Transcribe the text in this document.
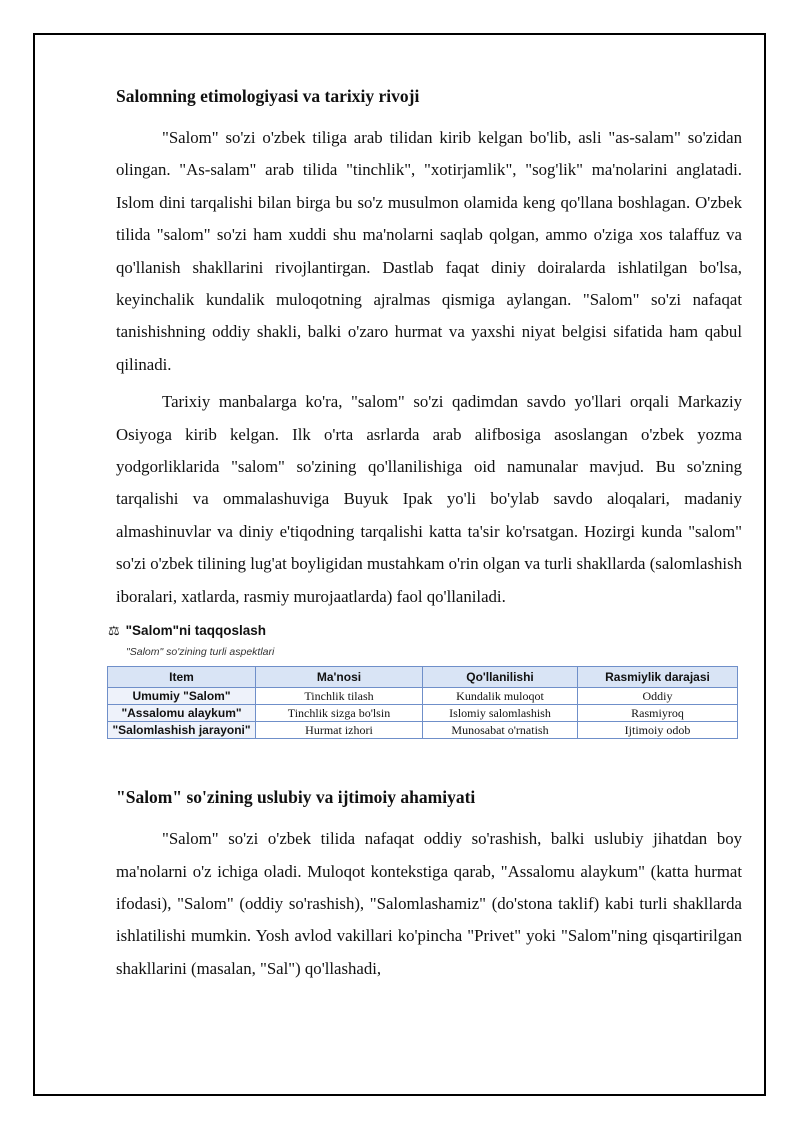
Salomning etimologiyasi va tarixiy rivoji

"Salom" so'zi o'zbek tiliga arab tilidan kirib kelgan bo'lib, asli "as-salam" so'zidan olingan. "As-salam" arab tilida "tinchlik", "xotirjamlik", "sog'lik" ma'nolarini anglatadi. Islom dini tarqalishi bilan birga bu so'z musulmon olamida keng qo'llana boshlagan. O'zbek tilida "salom" so'zi ham xuddi shu ma'nolarni saqlab qolgan, ammo o'ziga xos talaffuz va qo'llanish shakllarini rivojlantirgan. Dastlab faqat diniy doiralarda ishlatilgan bo'lsa, keyinchalik kundalik muloqotning ajralmas qismiga aylangan. "Salom" so'zi nafaqat tanishishning oddiy shakli, balki o'zaro hurmat va yaxshi niyat belgisi sifatida ham qabul qilinadi.

Tarixiy manbalarga ko'ra, "salom" so'zi qadimdan savdo yo'llari orqali Markaziy Osiyoga kirib kelgan. Ilk o'rta asrlarda arab alifbosiga asoslangan o'zbek yozma yodgorliklarida "salom" so'zining qo'llanilishiga oid namunalar mavjud. Bu so'zning tarqalishi va ommalashuviga Buyuk Ipak yo'li bo'ylab savdo aloqalari, madaniy almashinuvlar va diniy e'tiqodning tarqalishi katta ta'sir ko'rsatgan. Hozirgi kunda "salom" so'zi o'zbek tilining lug'at boyligidan mustahkam o'rin olgan va turli shakllarda (salomlashish iboralari, xatlarda, rasmiy murojaatlarda) faol qo'llaniladi.

⚖ "Salom"ni taqqoslash
"Salom" so'zining turli aspektlari
Item	Ma'nosi	Qo'llanilishi	Rasmiylik darajasi
Umumiy "Salom"	Tinchlik tilash	Kundalik muloqot	Oddiy
"Assalomu alaykum"	Tinchlik sizga bo'lsin	Islomiy salomlashish	Rasmiyroq
"Salomlashish jarayoni"	Hurmat izhori	Munosabat o'rnatish	Ijtimoiy odob
"Salom" so'zining uslubiy va ijtimoiy ahamiyati

"Salom" so'zi o'zbek tilida nafaqat oddiy so'rashish, balki uslubiy jihatdan boy ma'nolarni o'z ichiga oladi. Muloqot kontekstiga qarab, "Assalomu alaykum" (katta hurmat ifodasi), "Salom" (oddiy so'rashish), "Salomlashamiz" (do'stona taklif) kabi turli shakllarda ishlatilishi mumkin. Yosh avlod vakillari ko'pincha "Privet" yoki "Salom"ning qisqartirilgan shakllarini (masalan, "Sal") qo'llashadi,
